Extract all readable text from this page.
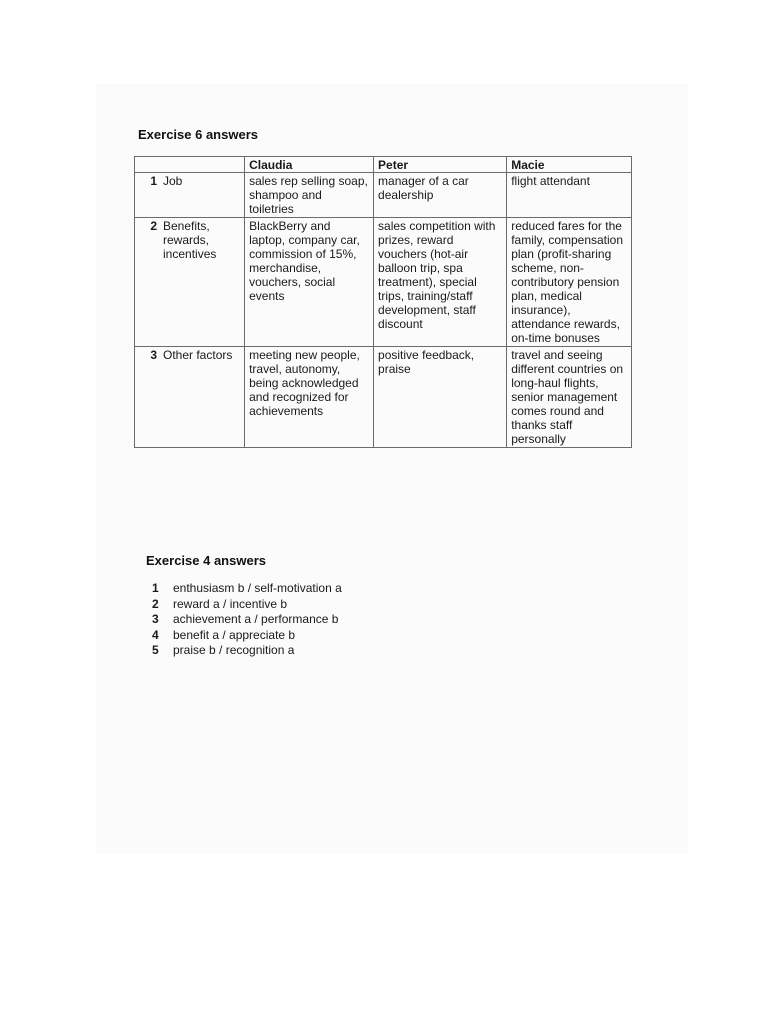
Exercise 6 answers
	Claudia	Peter	Macie

1 Job	sales rep selling soap, shampoo and toiletries	manager of a car dealership	flight attendant

2 Benefits, rewards, incentives	BlackBerry and laptop, company car, commission of 15%, merchandise, vouchers, social events	sales competition with prizes, reward vouchers (hot-air balloon trip, spa treatment), special trips, training/staff development, staff discount	reduced fares for the family, compensation plan (profit-sharing scheme, non-contributory pension plan, medical insurance), attendance rewards, on-time bonuses

3 Other factors	meeting new people, travel, autonomy, being acknowledged and recognized for achievements	positive feedback, praise	travel and seeing different countries on long-haul flights, senior management comes round and thanks staff personally
Exercise 4 answers
1	enthusiasm b / self-motivation a
2	reward a / incentive b
3	achievement a / performance b
4	benefit a / appreciate b
5	praise b / recognition a
